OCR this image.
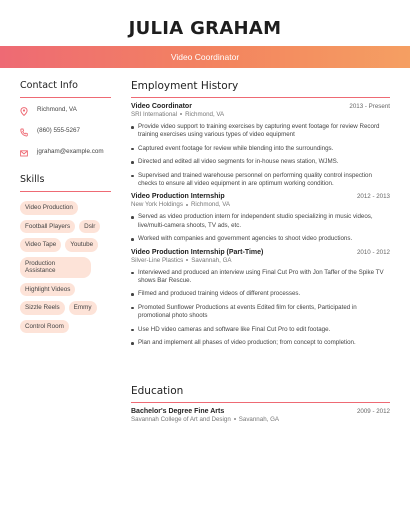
JULIA GRAHAM
Video Coordinator
Contact Info
Richmond, VA
(860) 555-5267
jgraham@example.com
Skills
Video Production
Football Players	Dslr
Video Tape	Youtube
Production Assistance
Highlight Videos
Sizzle Reels	Emmy
Control Room
Employment History
Video Coordinator	2013 - Present
SRI International Richmond, VA
Provide video support to training exercises by capturing event footage for review Record training exercises using various types of video equipment
Captured event footage for review while blending into the surroundings.
Directed and edited all video segments for in-house news station, WJMS.
Supervised and trained warehouse personnel on performing quality control inspection checks to ensure all video equipment in are optimum working condition.
Video Production Internship	2012 - 2013
New York Holdings Richmond, VA
Served as video production intern for independent studio specializing in music videos, live/multi-camera shoots, TV ads, etc.
Worked with companies and government agencies to shoot video productions.
Video Production Internship (Part-Time)	2010 - 2012
Silver-Line Plastics Savannah, GA
Interviewed and produced an interview using Final Cut Pro with Jon Taffer of the Spike TV shows Bar Rescue.
Filmed and produced training videos of different processes.
Promoted Sunflower Productions at events Edited film for clients, Participated in promotional photo shoots
Use HD video cameras and software like Final Cut Pro to edit footage.
Plan and implement all phases of video production; from concept to completion.
Education
Bachelor's Degree Fine Arts	2009 - 2012
Savannah College of Art and Design Savannah, GA
